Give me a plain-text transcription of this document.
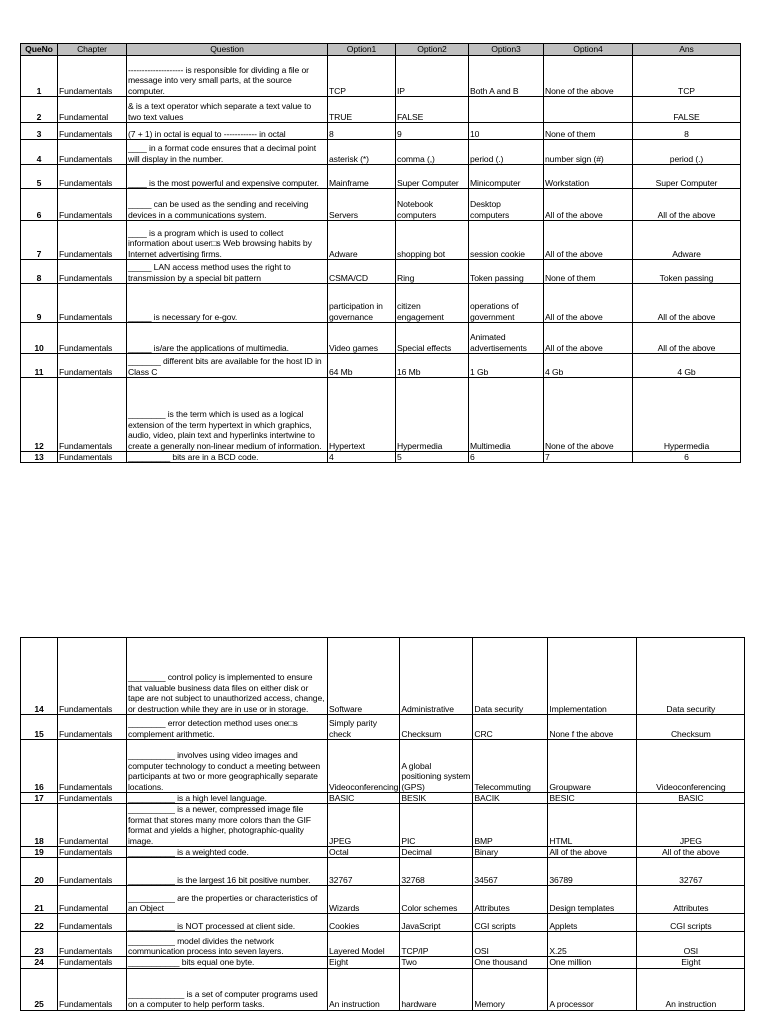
QueNo	Chapter	Question	Option1	Option2	Option3	Option4	Ans
1	Fundamentals	-------------------- is responsible for dividing a file or message into very small parts, at the source computer.	TCP	IP	Both A and B	None of the above	TCP
2	Fundamental	& is a text operator which separate a text value to two text values	TRUE	FALSE			FALSE
3	Fundamentals	(7 + 1) in octal is equal to ------------ in octal	8	9	10	None of them	8
4	Fundamentals	____ in a format code ensures that a decimal point will display in the number.	asterisk (*)	comma (,)	period (.)	number sign (#)	period (.)
5	Fundamentals	____ is the most powerful and expensive computer.	Mainframe	Super Computer	Minicomputer	Workstation	Super Computer
6	Fundamentals	_____ can be used as the sending and receiving devices in a communications system.	Servers	Notebook computers	Desktop computers	All of the above	All of the above
7	Fundamentals	____ is a program which is used to collect information about user□s Web browsing habits by Internet advertising firms.	Adware	shopping bot	session cookie	All of the above	Adware
8	Fundamentals	_____ LAN access method uses the right to transmission by a special bit pattern	CSMA/CD	Ring	Token passing	None of them	Token passing
9	Fundamentals	_____ is necessary for e-gov.	participation in governance	citizen engagement	operations of government	All of the above	All of the above
10	Fundamentals	_____ is/are the applications of multimedia.	Video games	Special effects	Animated advertisements	All of the above	All of the above
11	Fundamentals	_______ different bits are available for the host ID in Class C	64 Mb	16 Mb	1 Gb	4 Gb	4 Gb
12	Fundamentals	________ is the term which is used as a logical extension of the term hypertext in which graphics, audio, video, plain text and hyperlinks intertwine to create a generally non-linear medium of information.	Hypertext	Hypermedia	Multimedia	None of the above	Hypermedia
13	Fundamentals	_________ bits are in a BCD code.	4	5	6	7	6
14	Fundamentals	________ control policy is implemented to ensure that valuable business data files on either disk or tape are not subject to unauthorized access, change, or destruction while they are in use or in storage.	Software	Administrative	Data security	Implementation	Data security
15	Fundamentals	________ error detection method uses one□s complement arithmetic.	Simply parity check	Checksum	CRC	None f the above	Checksum
16	Fundamentals	__________ involves using video images and computer technology to conduct a meeting between participants at two or more geographically separate locations.	Videoconferencing	A global positioning system (GPS)	Telecommuting	Groupware	Videoconferencing
17	Fundamentals	__________ is a high level language.	BASIC	BESIK	BACIK	BESIC	BASIC
18	Fundamental	__________ is a newer, compressed image file format that stores many more colors than the GIF format and yields a higher, photographic-quality image.	JPEG	PIC	BMP	HTML	JPEG
19	Fundamentals	__________ is a weighted code.	Octal	Decimal	Binary	All of the above	All of the above
20	Fundamentals	__________ is the largest 16 bit positive number.	32767	32768	34567	36789	32767
21	Fundamental	__________ are the properties or characteristics of an Object	Wizards	Color schemes	Attributes	Design templates	Attributes
22	Fundamentals	__________ is NOT processed at client side.	Cookies	JavaScript	CGI scripts	Applets	CGI scripts
23	Fundamentals	__________ model divides the network communication process into seven layers.	Layered Model	TCP/IP	OSI	X.25	OSI
24	Fundamentals	___________ bits equal one byte.	Eight	Two	One thousand	One million	Eight
25	Fundamentals	____________ is a set of computer programs used on a computer to help perform tasks.	An instruction	hardware	Memory	A processor	An instruction
